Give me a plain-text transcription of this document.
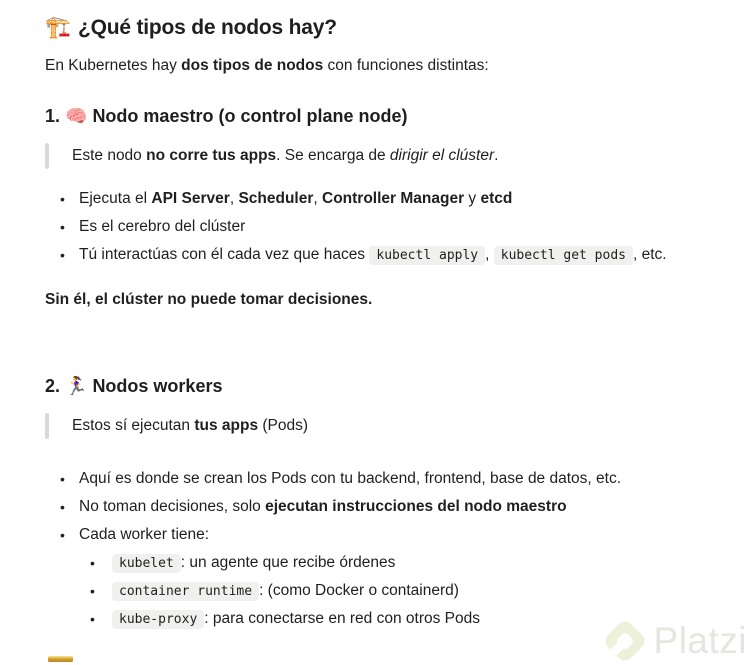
🏗️ ¿Qué tipos de nodos hay?
En Kubernetes hay dos tipos de nodos con funciones distintas:
1. 🧠 Nodo maestro (o control plane node)
Este nodo no corre tus apps. Se encarga de dirigir el clúster.
• Ejecuta el API Server, Scheduler, Controller Manager y etcd
• Es el cerebro del clúster
• Tú interactúas con él cada vez que haces kubectl apply , kubectl get pods , etc.
Sin él, el clúster no puede tomar decisiones.
2. 🏃‍♀️ Nodos workers
Estos sí ejecutan tus apps (Pods)
• Aquí es donde se crean los Pods con tu backend, frontend, base de datos, etc.
• No toman decisiones, solo ejecutan instrucciones del nodo maestro
• Cada worker tiene:
•	kubelet : un agente que recibe órdenes
•	container runtime : (como Docker o containerd)
•	kube-proxy : para conectarse en red con otros Pods
Platzi
